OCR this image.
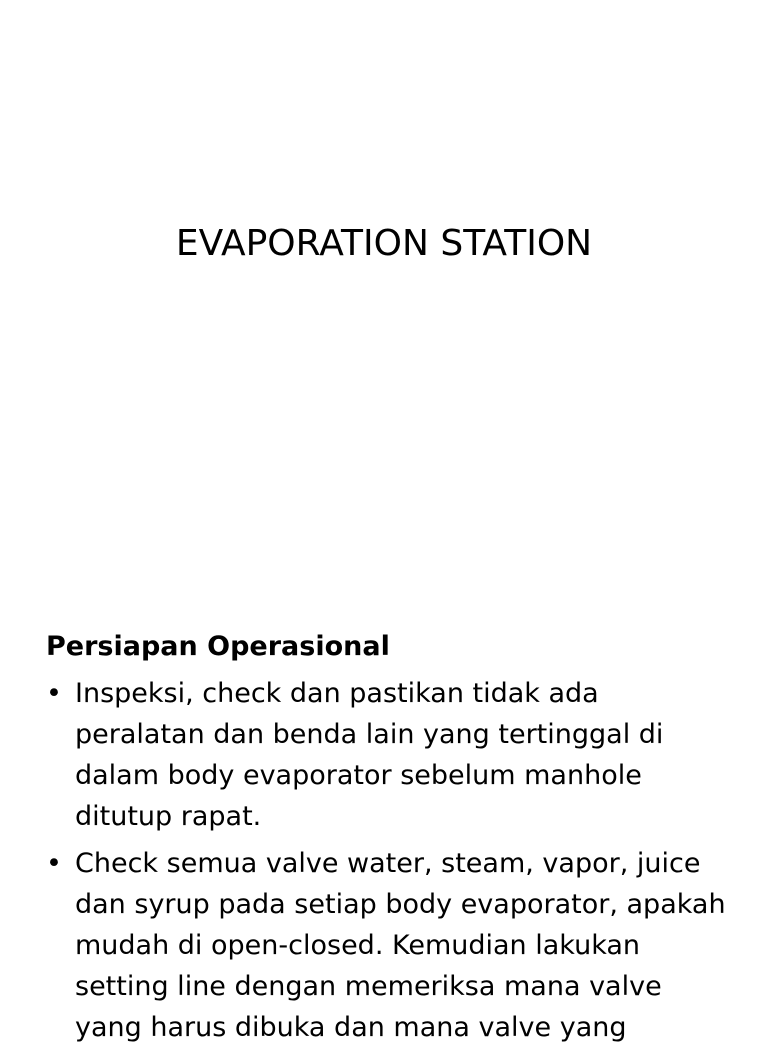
EVAPORATION STATION
Persiapan Operasional
• Inspeksi, check dan pastikan tidak ada peralatan dan benda lain yang tertinggal di dalam body evaporator sebelum manhole ditutup rapat.
• Check semua valve water, steam, vapor, juice dan syrup pada setiap body evaporator, apakah mudah di open-closed. Kemudian lakukan setting line dengan memeriksa mana valve yang harus dibuka dan mana valve yang
